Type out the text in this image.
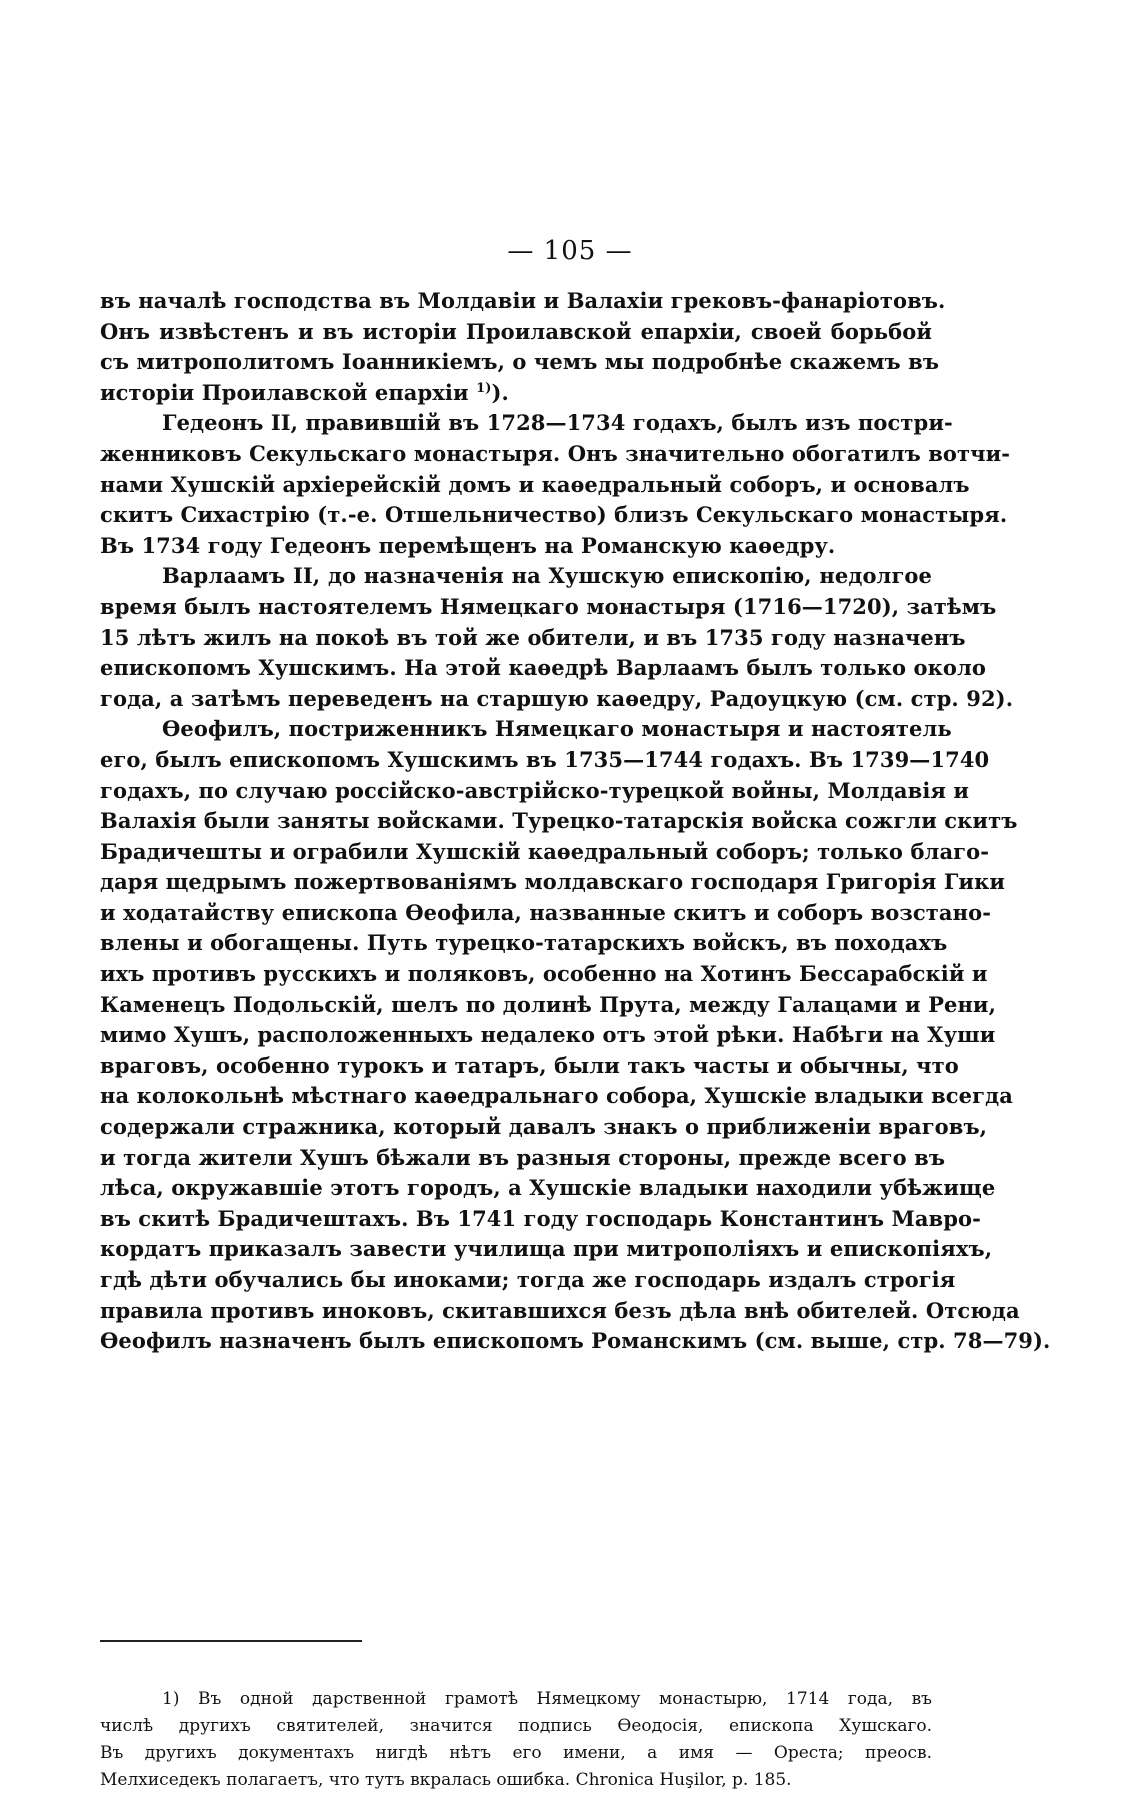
— 105 —
въ началѣ господства въ Молдавіи и Валахіи грековъ-фанаріотовъ.
Онъ извѣстенъ и въ исторіи Проилавской епархіи, своей борьбой
съ митрополитомъ Іоанникіемъ, о чемъ мы подробнѣе скажемъ въ
исторіи Проилавской епархіи $^{1)}$).
Гедеонъ II, правившій въ 1728—1734 годахъ, былъ изъ постри-
женниковъ Секульскаго монастыря. Онъ значительно обогатилъ вотчи-
нами Хушскій архіерейскій домъ и каѳедральный соборъ, и основалъ
скитъ Сихастрію (т.-е. Отшельничество) близъ Секульскаго монастыря.
Въ 1734 году Гедеонъ перемѣщенъ на Романскую каѳедру.
Варлаамъ II, до назначенія на Хушскую епископію, недолгое
время былъ настоятелемъ Нямецкаго монастыря (1716—1720), затѣмъ
15 лѣтъ жилъ на покоѣ въ той же обители, и въ 1735 году назначенъ
епископомъ Хушскимъ. На этой каѳедрѣ Варлаамъ былъ только около
года, а затѣмъ переведенъ на старшую каѳедру, Радоуцкую (см. стр. 92).
Ѳеофилъ, постриженникъ Нямецкаго монастыря и настоятель
его, былъ епископомъ Хушскимъ въ 1735—1744 годахъ. Въ 1739—1740
годахъ, по случаю россійско-австрійско-турецкой войны, Молдавія и
Валахія были заняты войсками. Турецко-татарскія войска сожгли скитъ
Брадичешты и ограбили Хушскій каѳедральный соборъ; только благо-
даря щедрымъ пожертвованіямъ молдавскаго господаря Григорія Гики
и ходатайству епископа Ѳеофила, названные скитъ и соборъ возстано-
влены и обогащены. Путь турецко-татарскихъ войскъ, въ походахъ
ихъ противъ русскихъ и поляковъ, особенно на Хотинъ Бессарабскій и
Каменецъ Подольскій, шелъ по долинѣ Прута, между Галацами и Рени,
мимо Хушъ, расположенныхъ недалеко отъ этой рѣки. Набѣги на Хуши
враговъ, особенно турокъ и татаръ, были такъ часты и обычны, что
на колокольнѣ мѣстнаго каѳедральнаго собора, Хушскіе владыки всегда
содержали стражника, который давалъ знакъ о приближеніи враговъ,
и тогда жители Хушъ бѣжали въ разныя стороны, прежде всего въ
лѣса, окружавшіе этотъ городъ, а Хушскіе владыки находили убѣжище
въ скитѣ Брадичештахъ. Въ 1741 году господарь Константинъ Мавро-
кордатъ приказалъ завести училища при митрополіяхъ и епископіяхъ,
гдѣ дѣти обучались бы иноками; тогда же господарь издалъ строгія
правила противъ иноковъ, скитавшихся безъ дѣла внѣ обителей. Отсюда
Ѳеофилъ назначенъ былъ епископомъ Романскимъ (см. выше, стр. 78—79).
1) Въ одной дарственной грамотѣ Нямецкому монастырю, 1714 года, въ
числѣ другихъ святителей, значится подпись Ѳеодосія, епископа Хушскаго.
Въ другихъ документахъ нигдѣ нѣтъ его имени, а имя — Ореста; преосв.
Мелхиседекъ полагаетъ, что тутъ вкралась ошибка. Chronica Huşilor, p. 185.
